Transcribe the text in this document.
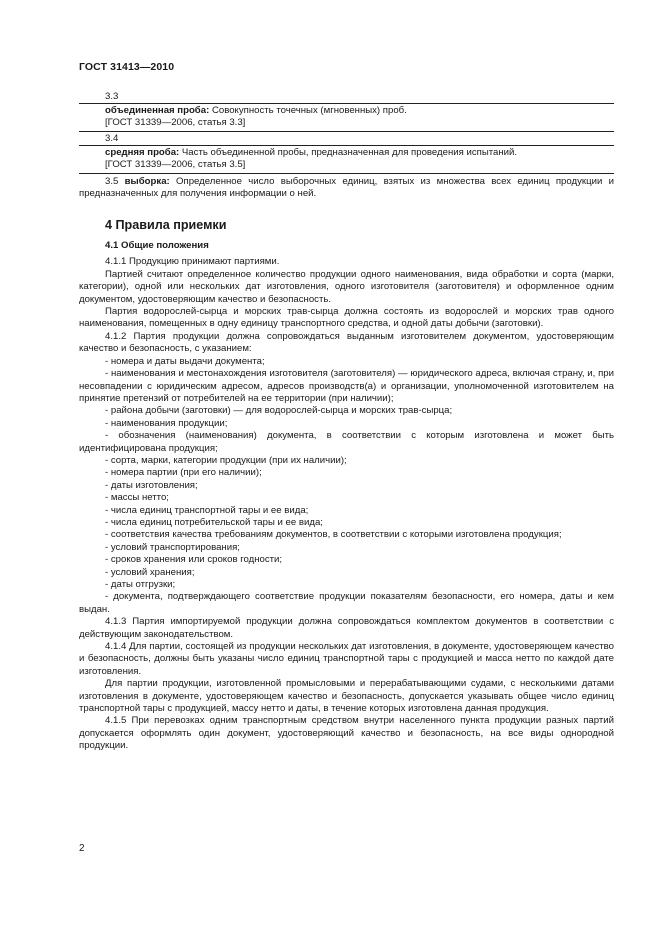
ГОСТ 31413—2010
3.3

объединенная проба: Совокупность точечных (мгновенных) проб.

[ГОСТ 31339—2006, статья 3.3]

3.4

средняя проба: Часть объединенной пробы, предназначенная для проведения испытаний.

[ГОСТ 31339—2006, статья 3.5]

3.5 выборка: Определенное число выборочных единиц, взятых из множества всех единиц продукции и предназначенных для получения информации о ней.

4 Правила приемки
4.1 Общие положения

4.1.1 Продукцию принимают партиями.

Партией считают определенное количество продукции одного наименования, вида обработки и сорта (марки, категории), одной или нескольких дат изготовления, одного изготовителя (заготовителя) и оформленное одним документом, удостоверяющим качество и безопасность.

Партия водорослей-сырца и морских трав-сырца должна состоять из водорослей и морских трав одного наименования, помещенных в одну единицу транспортного средства, и одной даты добычи (заготовки).

4.1.2 Партия продукции должна сопровождаться выданным изготовителем документом, удостоверяющим качество и безопасность, с указанием:

- номера и даты выдачи документа;

- наименования и местонахождения изготовителя (заготовителя) — юридического адреса, включая страну, и, при несовпадении с юридическим адресом, адресов производств(а) и организации, уполномоченной изготовителем на принятие претензий от потребителей на ее территории (при наличии);

- района добычи (заготовки) — для водорослей-сырца и морских трав-сырца;

- наименования продукции;

- обозначения (наименования) документа, в соответствии с которым изготовлена и может быть идентифицирована продукция;

- сорта, марки, категории продукции (при их наличии);

- номера партии (при его наличии);

- даты изготовления;

- массы нетто;

- числа единиц транспортной тары и ее вида;

- числа единиц потребительской тары и ее вида;

- соответствия качества требованиям документов, в соответствии с которыми изготовлена продукция;

- условий транспортирования;

- сроков хранения или сроков годности;

- условий хранения;

- даты отгрузки;

- документа, подтверждающего соответствие продукции показателям безопасности, его номера, даты и кем выдан.

4.1.3 Партия импортируемой продукции должна сопровождаться комплектом документов в соответствии с действующим законодательством.

4.1.4 Для партии, состоящей из продукции нескольких дат изготовления, в документе, удостоверяющем качество и безопасность, должны быть указаны число единиц транспортной тары с продукцией и масса нетто по каждой дате изготовления.

Для партии продукции, изготовленной промысловыми и перерабатывающими судами, с несколькими датами изготовления в документе, удостоверяющем качество и безопасность, допускается указывать общее число единиц транспортной тары с продукцией, массу нетто и даты, в течение которых изготовлена данная продукция.

4.1.5 При перевозках одним транспортным средством внутри населенного пункта продукции разных партий допускается оформлять один документ, удостоверяющий качество и безопасность, на все виды однородной продукции.

2
